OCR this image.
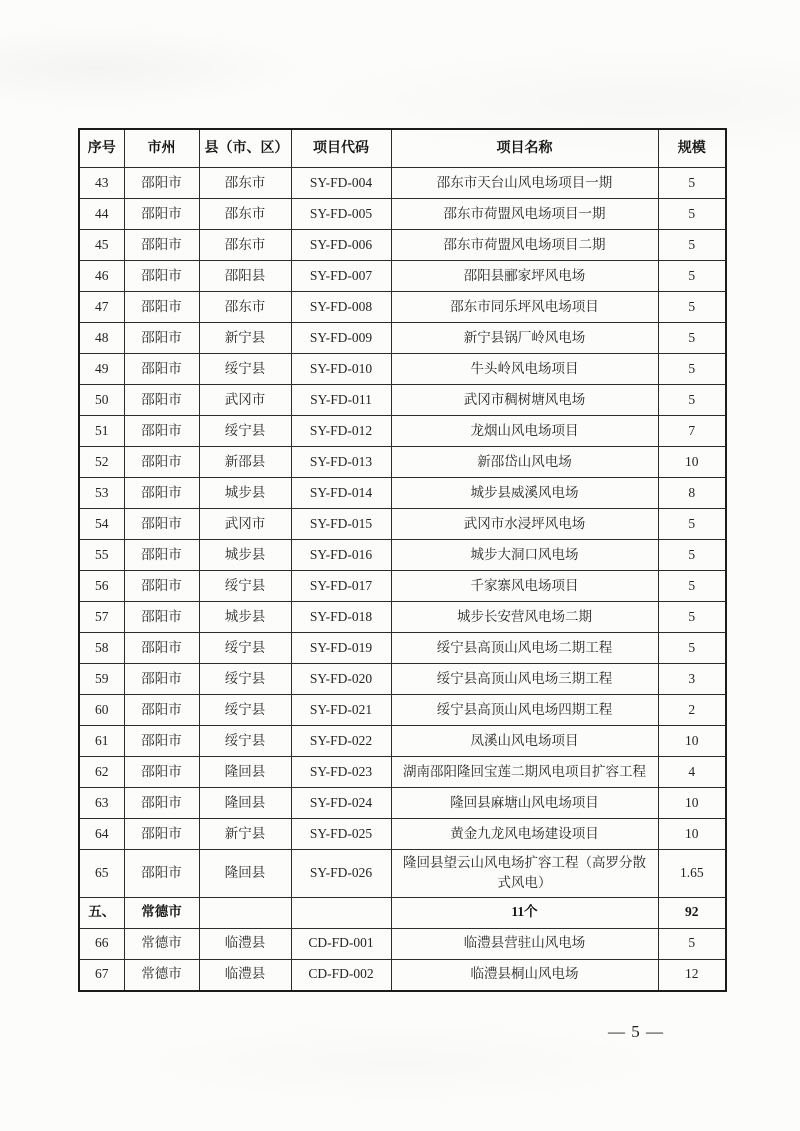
序号	市州	县（市、区）	项目代码	项目名称	规模
43	邵阳市	邵东市	SY-FD-004	邵东市天台山风电场项目一期	5
44	邵阳市	邵东市	SY-FD-005	邵东市荷盟风电场项目一期	5
45	邵阳市	邵东市	SY-FD-006	邵东市荷盟风电场项目二期	5
46	邵阳市	邵阳县	SY-FD-007	邵阳县郦家坪风电场	5
47	邵阳市	邵东市	SY-FD-008	邵东市同乐坪风电场项目	5
48	邵阳市	新宁县	SY-FD-009	新宁县锅厂岭风电场	5
49	邵阳市	绥宁县	SY-FD-010	牛头岭风电场项目	5
50	邵阳市	武冈市	SY-FD-011	武冈市稠树塘风电场	5
51	邵阳市	绥宁县	SY-FD-012	龙烟山风电场项目	7
52	邵阳市	新邵县	SY-FD-013	新邵岱山风电场	10
53	邵阳市	城步县	SY-FD-014	城步县威溪风电场	8
54	邵阳市	武冈市	SY-FD-015	武冈市水浸坪风电场	5
55	邵阳市	城步县	SY-FD-016	城步大洞口风电场	5
56	邵阳市	绥宁县	SY-FD-017	千家寨风电场项目	5
57	邵阳市	城步县	SY-FD-018	城步长安营风电场二期	5
58	邵阳市	绥宁县	SY-FD-019	绥宁县高顶山风电场二期工程	5
59	邵阳市	绥宁县	SY-FD-020	绥宁县高顶山风电场三期工程	3
60	邵阳市	绥宁县	SY-FD-021	绥宁县高顶山风电场四期工程	2
61	邵阳市	绥宁县	SY-FD-022	凤溪山风电场项目	10
62	邵阳市	隆回县	SY-FD-023	湖南邵阳隆回宝莲二期风电项目扩容工程	4
63	邵阳市	隆回县	SY-FD-024	隆回县麻塘山风电场项目	10
64	邵阳市	新宁县	SY-FD-025	黄金九龙风电场建设项目	10
65	邵阳市	隆回县	SY-FD-026	隆回县望云山风电场扩容工程（高罗分散式风电）	1.65
五、	常德市			11个	92
66	常德市	临澧县	CD-FD-001	临澧县营驻山风电场	5
67	常德市	临澧县	CD-FD-002	临澧县桐山风电场	12
— 5 —
